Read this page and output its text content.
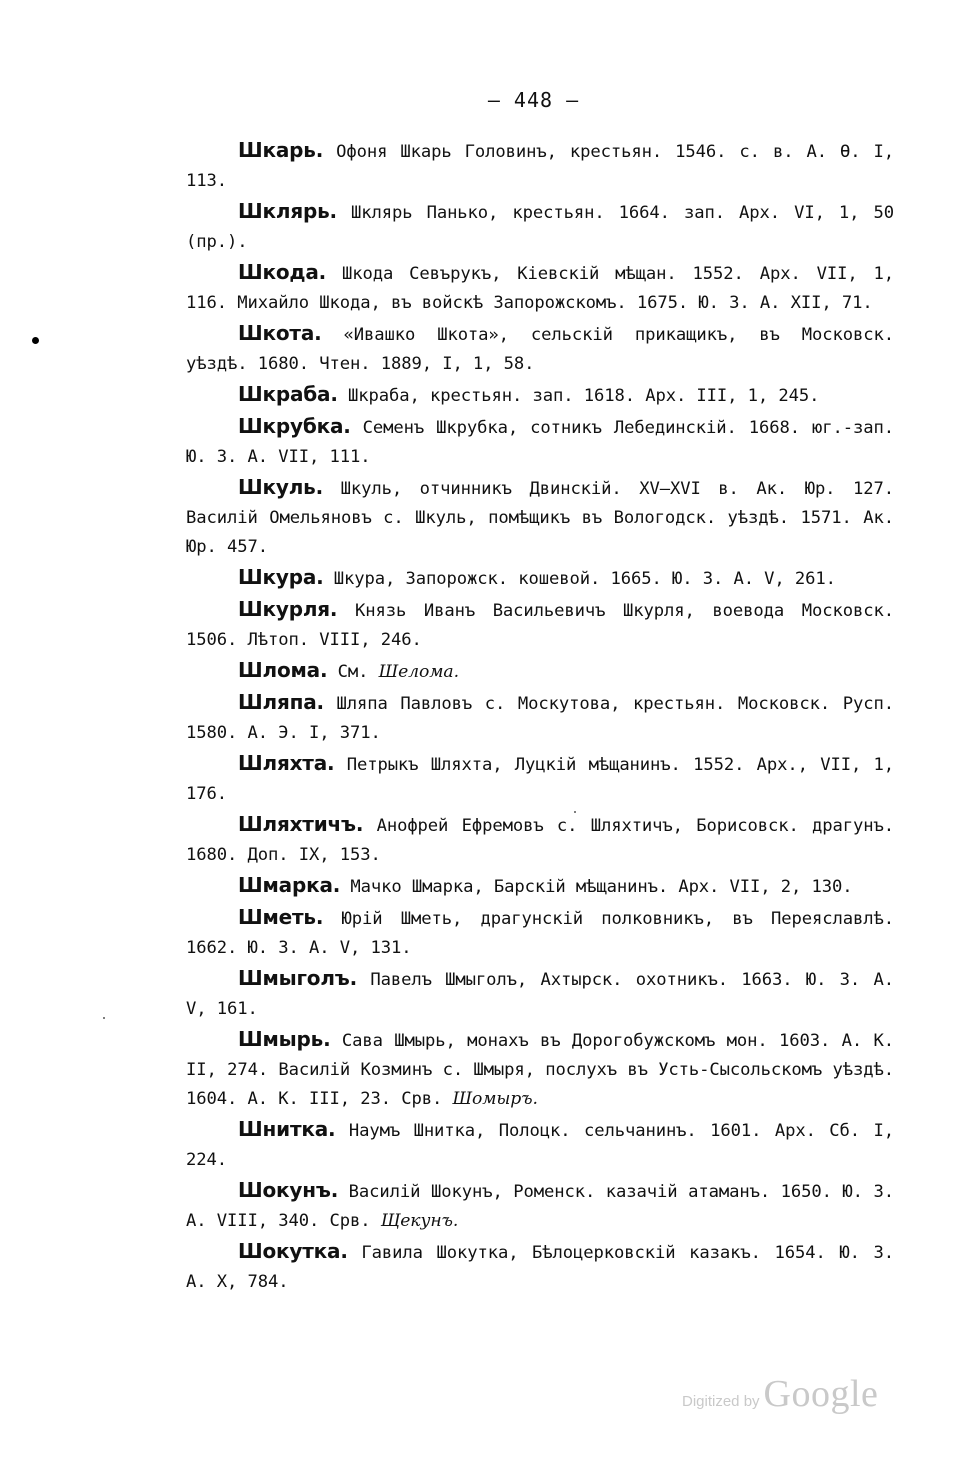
— 448 —

Шкарь. Офоня Шкарь Головинъ, крестьян. 1546. с. в. А. Ѳ. I, 113.

Шклярь. Шклярь Панько, крестьян. 1664. зап. Арх. VI, 1, 50 (пр.).

Шкода. Шкода Севърукъ, Кіевскій мѣщан. 1552. Арх. VII, 1, 116. Михайло Шкода, въ войскѣ Запорожскомъ. 1675. Ю. З. А. XII, 71.

Шкота. «Ивашко Шкота», сельскій прикащикъ, въ Московск. уѣздѣ. 1680. Чтен. 1889, I, 1, 58.

Шкраба. Шкраба, крестьян. зап. 1618. Арх. III, 1, 245.

Шкрубка. Семенъ Шкрубка, сотникъ Лебединскій. 1668. юг.-зап. Ю. З. А. VII, 111.

Шкуль. Шкуль, отчинникъ Двинскій. XV—XVI в. Ак. Юр. 127. Василій Омельяновъ с. Шкуль, помѣщикъ въ Вологодск. уѣздѣ. 1571. Ак. Юр. 457.

Шкура. Шкура, Запорожск. кошевой. 1665. Ю. З. А. V, 261.

Шкурля. Князь Иванъ Васильевичъ Шкурля, воевода Московск. 1506. Лѣтоп. VIII, 246.

Шлома. См. Шелома.

Шляпа. Шляпа Павловъ с. Москутова, крестьян. Московск. Русп. 1580. А. Э. I, 371.

Шляхта. Петрыкъ Шляхта, Луцкій мѣщанинъ. 1552. Арх., VII, 1, 176.

Шляхтичъ. Анофрей Ефремовъ с. Шляхтичъ, Борисовск. драгунъ. 1680. Доп. IX, 153.

Шмарка. Мачко Шмарка, Барскій мѣщанинъ. Арх. VII, 2, 130.

Шметь. Юрій Шметь, драгунскій полковникъ, въ Переяславлѣ. 1662. Ю. З. А. V, 131.

Шмыголъ. Павелъ Шмыголъ, Ахтырск. охотникъ. 1663. Ю. З. А. V, 161.

Шмырь. Сава Шмырь, монахъ въ Дорогобужскомъ мон. 1603. А. К. II, 274. Василій Козминъ с. Шмыря, послухъ въ Усть-Сысольскомъ уѣздѣ. 1604. А. К. III, 23. Срв. Шомыръ.

Шнитка. Наумъ Шнитка, Полоцк. сельчанинъ. 1601. Арх. Сб. I, 224.

Шокунъ. Василій Шокунъ, Роменск. казачій атаманъ. 1650. Ю. З. А. VIII, 340. Срв. Щекунъ.

Шокутка. Гавила Шокутка, Бѣлоцерковскій казакъ. 1654. Ю. З. А. X, 784.

Digitized by Google
